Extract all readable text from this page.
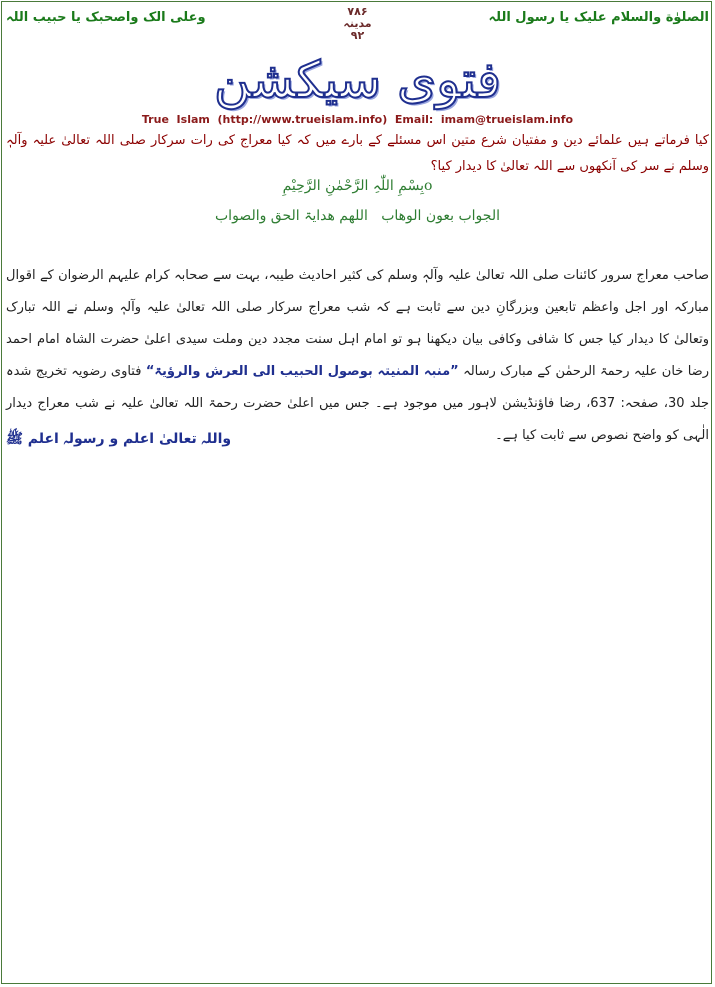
الصلوٰة والسلام علیک یا رسول اللہ
۷۸۶
مدینہ
۹۲
وعلی الک واصحبک یا حبیب اللہ
فتوی سیکشن
True  Islam  (http://www.trueislam.info)  Email:  imam@trueislam.info
کیا فرماتے ہیں علمائے دین و مفتیان شرع متین اس مسئلے کے بارے میں کہ کیا معراج کی رات سرکار صلی اللہ تعالیٰ علیہ وآلہٖ وسلم نے سر کی آنکھوں سے اللہ تعالیٰ کا دیدار کیا؟
بِسْمِ اللّٰہِ الرَّحْمٰنِ الرَّحِیْمِo
الجواب بعون الوھاب   اللھم ھدایۃ الحق والصواب
صاحب معراج سرور کائنات صلی اللہ تعالیٰ علیہ وآلہٖ وسلم کی کثیر احادیث طیبہ، بہت سے صحابہ کرام علیہم الرضوان کے اقوال مبارکہ اور اجل واعظم تابعین وبزرگانِ دین سے ثابت ہے کہ شب معراج سرکار صلی اللہ تعالیٰ علیہ وآلہٖ وسلم نے اللہ تبارک وتعالیٰ کا دیدار کیا جس کا شافی وکافی بیان دیکھنا ہو تو امام اہل سنت مجدد دین وملت سیدی اعلیٰ حضرت الشاہ امام احمد رضا خان علیہ رحمۃ الرحمٰن کے مبارک رسالہ ”منبہ المنیتہ بوصول الحبیب الی العرش والرؤیۃ“ فتاوی رضویہ تخریج شدہ جلد 30، صفحہ: 637، رضا فاؤنڈیشن لاہور میں موجود ہے۔ جس میں اعلیٰ حضرت رحمۃ اللہ تعالیٰ علیہ نے شب معراج دیدار الٰہی کو واضح نصوص سے ثابت کیا ہے۔
واللہ تعالیٰ اعلم و رسولہ اعلم ﷺ
